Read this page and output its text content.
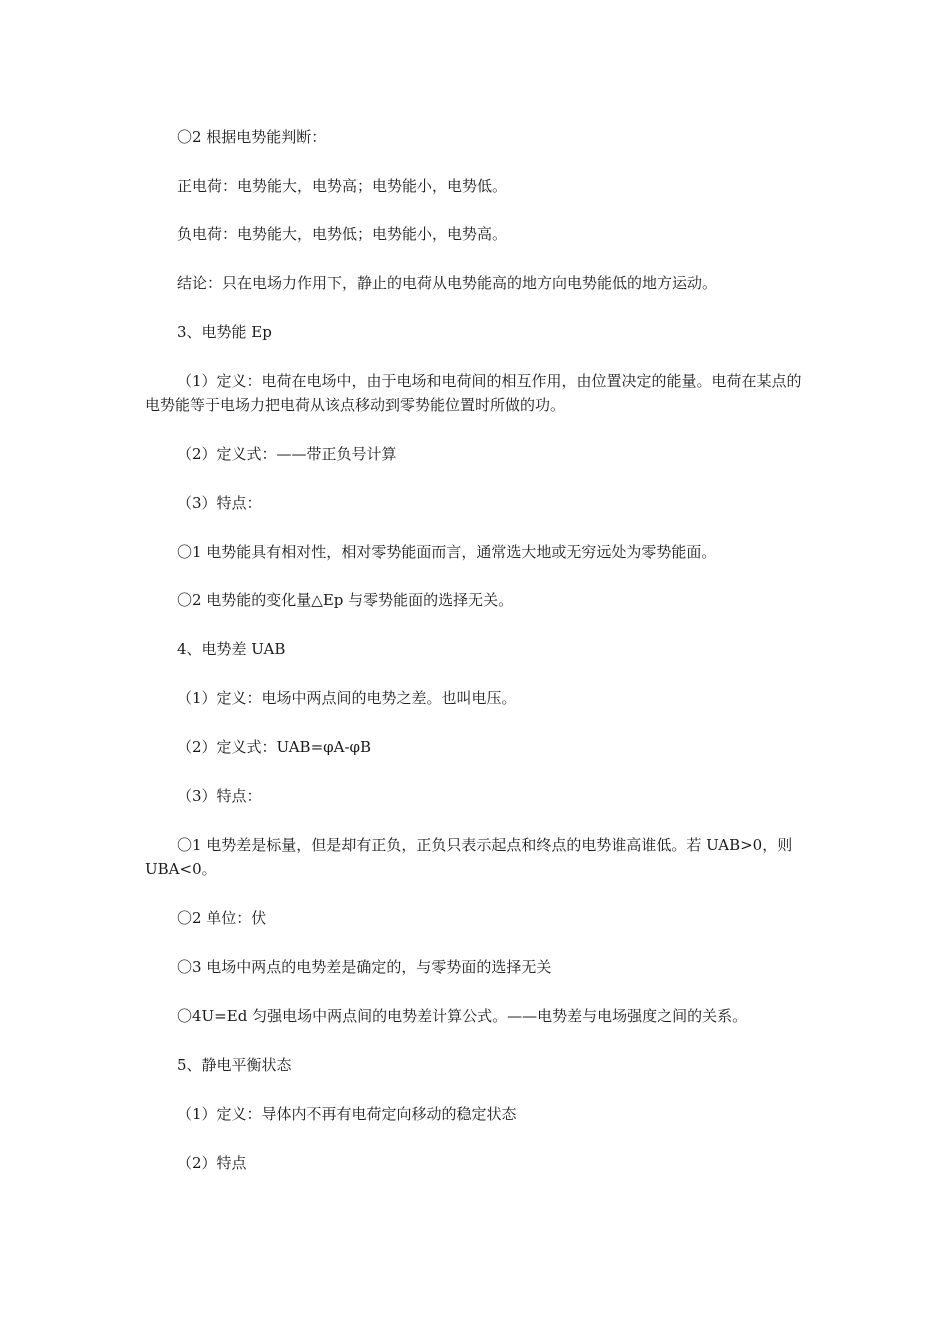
〇2 根据电势能判断：

正电荷：电势能大，电势高；电势能小，电势低。

负电荷：电势能大，电势低；电势能小，电势高。

结论：只在电场力作用下，静止的电荷从电势能高的地方向电势能低的地方运动。

3、电势能 Ep

（1）定义：电荷在电场中，由于电场和电荷间的相互作用，由位置决定的能量。电荷在某点的电势能等于电场力把电荷从该点移动到零势能位置时所做的功。

（2）定义式：——带正负号计算

（3）特点：

〇1 电势能具有相对性，相对零势能面而言，通常选大地或无穷远处为零势能面。

〇2 电势能的变化量△Ep 与零势能面的选择无关。

4、电势差 UAB

（1）定义：电场中两点间的电势之差。也叫电压。

（2）定义式：UAB=φA-φB

（3）特点：

〇1 电势差是标量，但是却有正负，正负只表示起点和终点的电势谁高谁低。若 UAB>0，则 UBA<0。

〇2 单位：伏

〇3 电场中两点的电势差是确定的，与零势面的选择无关

〇4U=Ed 匀强电场中两点间的电势差计算公式。——电势差与电场强度之间的关系。

5、静电平衡状态

（1）定义：导体内不再有电荷定向移动的稳定状态

（2）特点
